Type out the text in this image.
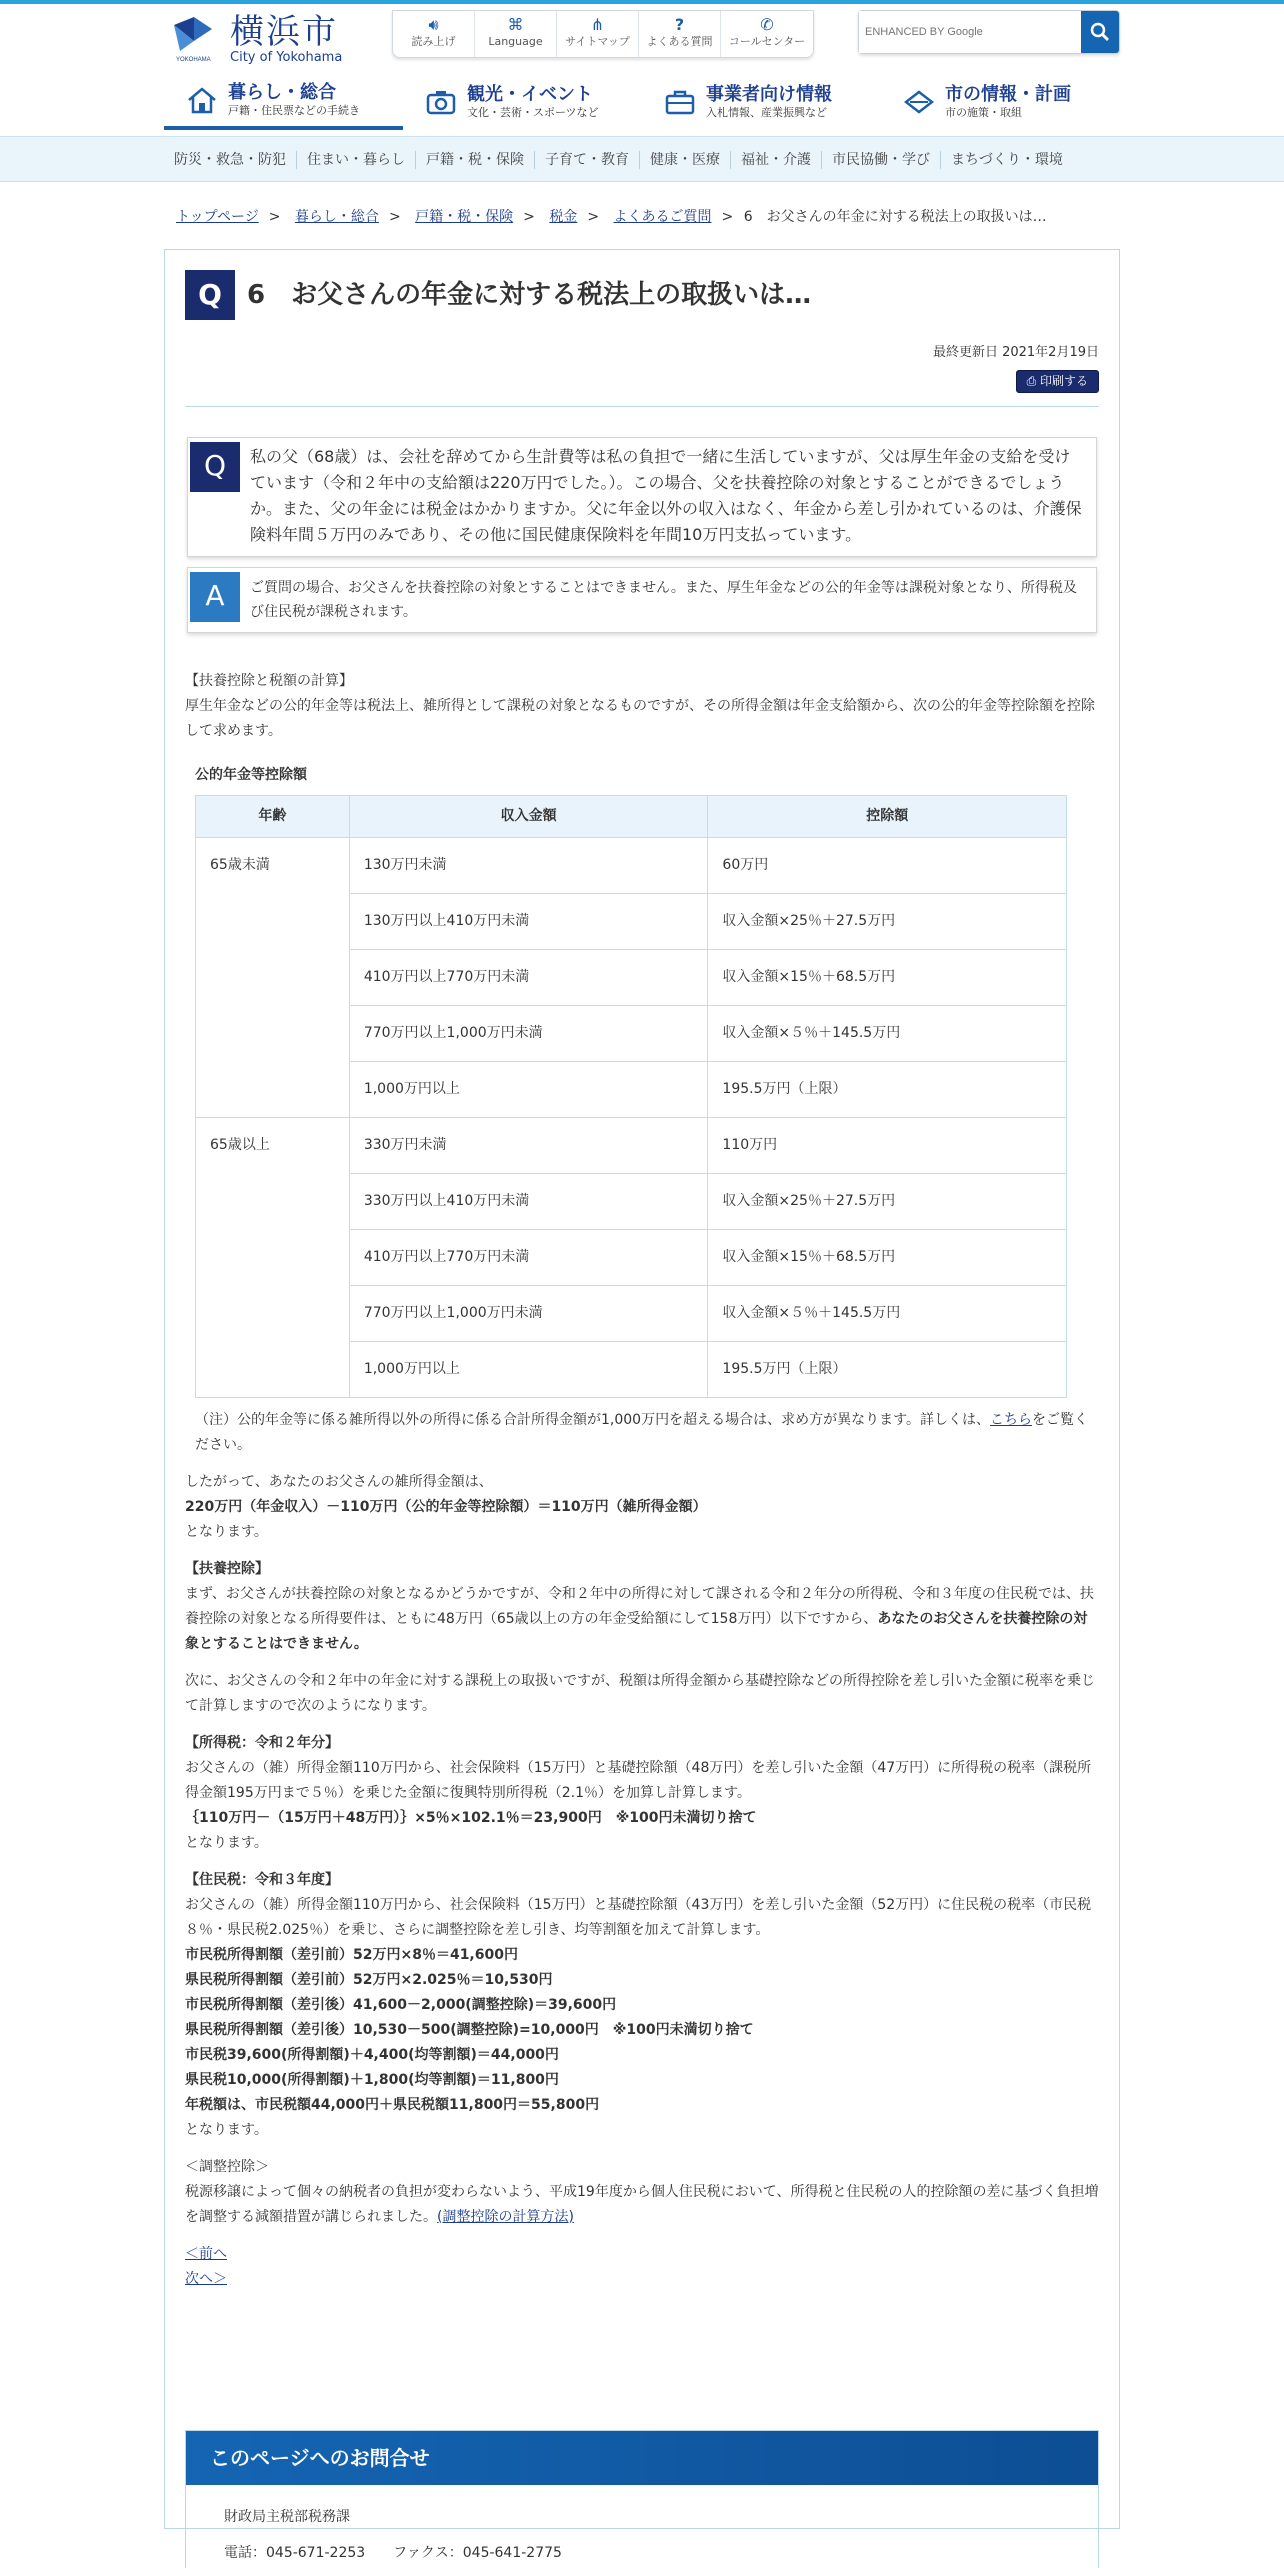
YOKOHAMA
横浜市
City of Yokohama
🔊︎
読み上げ
⌘
Language
⋔
サイトマップ
?
よくある質問
✆
コールセンター
ENHANCED BY Google
暮らし・総合
戸籍・住民票などの手続き
観光・イベント
文化・芸術・スポーツなど
事業者向け情報
入札情報、産業振興など
市の情報・計画
市の施策・取組
防災・救急・防犯	住まい・暮らし	戸籍・税・保険	子育て・教育	健康・医療	福祉・介護	市民協働・学び	まちづくり・環境
トップページ > 暮らし・総合 > 戸籍・税・保険 > 税金 > よくあるご質問 > 6　お父さんの年金に対する税法上の取扱いは…
Q 6　お父さんの年金に対する税法上の取扱いは…
最終更新日 2021年2月19日
⎙ 印刷する
Q	私の父（68歳）は、会社を辞めてから生計費等は私の負担で一緒に生活していますが、父は厚生年金の支給を受けています（令和２年中の支給額は220万円でした。）。この場合、父を扶養控除の対象とすることができるでしょうか。また、父の年金には税金はかかりますか。父に年金以外の収入はなく、年金から差し引かれているのは、介護保険料年間５万円のみであり、その他に国民健康保険料を年間10万円支払っています。

A	ご質問の場合、お父さんを扶養控除の対象とすることはできません。また、厚生年金などの公的年金等は課税対象となり、所得税及び住民税が課税されます。

【扶養控除と税額の計算】
厚生年金などの公的年金等は税法上、雑所得として課税の対象となるものですが、その所得金額は年金支給額から、次の公的年金等控除額を控除して求めます。
公的年金等控除額
年齢	収入金額	控除額
65歳未満	130万円未満	60万円
	130万円以上410万円未満	収入金額×25％＋27.5万円
	410万円以上770万円未満	収入金額×15％＋68.5万円
	770万円以上1,000万円未満	収入金額×５％＋145.5万円
	1,000万円以上	195.5万円（上限）
65歳以上	330万円未満	110万円
	330万円以上410万円未満	収入金額×25％＋27.5万円
	410万円以上770万円未満	収入金額×15％＋68.5万円
	770万円以上1,000万円未満	収入金額×５％＋145.5万円
	1,000万円以上	195.5万円（上限）
（注）公的年金等に係る雑所得以外の所得に係る合計所得金額が1,000万円を超える場合は、求め方が異なります。詳しくは、こちらをご覧ください。
したがって、あなたのお父さんの雑所得金額は、
220万円（年金収入）－110万円（公的年金等控除額）＝110万円（雑所得金額）
となります。
【扶養控除】
まず、お父さんが扶養控除の対象となるかどうかですが、令和２年中の所得に対して課される令和２年分の所得税、令和３年度の住民税では、扶養控除の対象となる所得要件は、ともに48万円（65歳以上の方の年金受給額にして158万円）以下ですから、あなたのお父さんを扶養控除の対象とすることはできません。
次に、お父さんの令和２年中の年金に対する課税上の取扱いですが、税額は所得金額から基礎控除などの所得控除を差し引いた金額に税率を乗じて計算しますので次のようになります。
【所得税：令和２年分】
お父さんの（雑）所得金額110万円から、社会保険料（15万円）と基礎控除額（48万円）を差し引いた金額（47万円）に所得税の税率（課税所得金額195万円まで５％）を乗じた金額に復興特別所得税（2.1％）を加算し計算します。
｛110万円－（15万円＋48万円）｝×5％×102.1％＝23,900円　※100円未満切り捨て
となります。
【住民税：令和３年度】
お父さんの（雑）所得金額110万円から、社会保険料（15万円）と基礎控除額（43万円）を差し引いた金額（52万円）に住民税の税率（市民税８％・県民税2.025％）を乗じ、さらに調整控除を差し引き、均等割額を加えて計算します。
市民税所得割額（差引前）52万円×8％＝41,600円
県民税所得割額（差引前）52万円×2.025％＝10,530円
市民税所得割額（差引後）41,600－2,000(調整控除)＝39,600円
県民税所得割額（差引後）10,530－500(調整控除)=10,000円　※100円未満切り捨て
市民税39,600(所得割額)＋4,400(均等割額)＝44,000円
県民税10,000(所得割額)＋1,800(均等割額)＝11,800円
年税額は、市民税額44,000円＋県民税額11,800円＝55,800円
となります。
＜調整控除＞
税源移譲によって個々の納税者の負担が変わらないよう、平成19年度から個人住民税において、所得税と住民税の人的控除額の差に基づく負担増を調整する減額措置が講じられました。(調整控除の計算方法)
＜前へ
次へ＞
このページへのお問合せ
財政局主税部税務課
電話：045-671-2253　　ファクス：045-641-2775
